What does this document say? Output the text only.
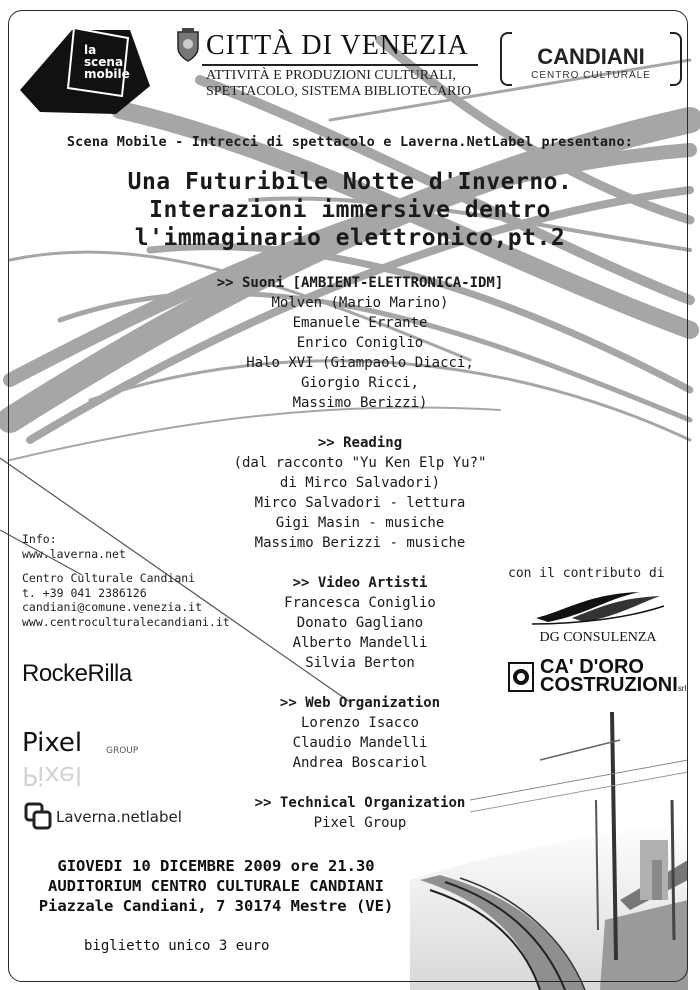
la
scena
mobile
CITTÀ DI VENEZIA
ATTIVITÀ E PRODUZIONI CULTURALI,
SPETTACOLO, SISTEMA BIBLIOTECARIO
CANDIANI
CENTRO CULTURALE
Scena Mobile - Intrecci di spettacolo e Laverna.NetLabel presentano:
Una Futuribile Notte d'Inverno.
Interazioni immersive dentro
l'immaginario elettronico,pt.2
>> Suoni [AMBIENT-ELETTRONICA-IDM]
Molven (Mario Marino)
Emanuele Errante
Enrico Coniglio
Halo XVI (Giampaolo Diacci,
Giorgio Ricci,
Massimo Berizzi)
>> Reading
(dal racconto "Yu Ken Elp Yu?"
di Mirco Salvadori)
Mirco Salvadori - lettura
Gigi Masin - musiche
Massimo Berizzi - musiche
>> Video Artisti
Francesca Coniglio
Donato Gagliano
Alberto Mandelli
Silvia Berton
>> Web Organization
Lorenzo Isacco
Claudio Mandelli
Andrea Boscariol
>> Technical Organization
Pixel Group
Info:
www.laverna.net
Centro Culturale Candiani
t. +39 041 2386126
candiani@comune.venezia.it
www.centroculturalecandiani.it
con il contributo di
DG CONSULENZA
CA' D'ORO
COSTRUZIONIsrl
RockeRilla
Pixel	GROUP
Pixel
Laverna.netlabel
GIOVEDI 10 DICEMBRE 2009 ore 21.30
AUDITORIUM CENTRO CULTURALE CANDIANI
Piazzale Candiani, 7 30174 Mestre (VE)
biglietto unico 3 euro
